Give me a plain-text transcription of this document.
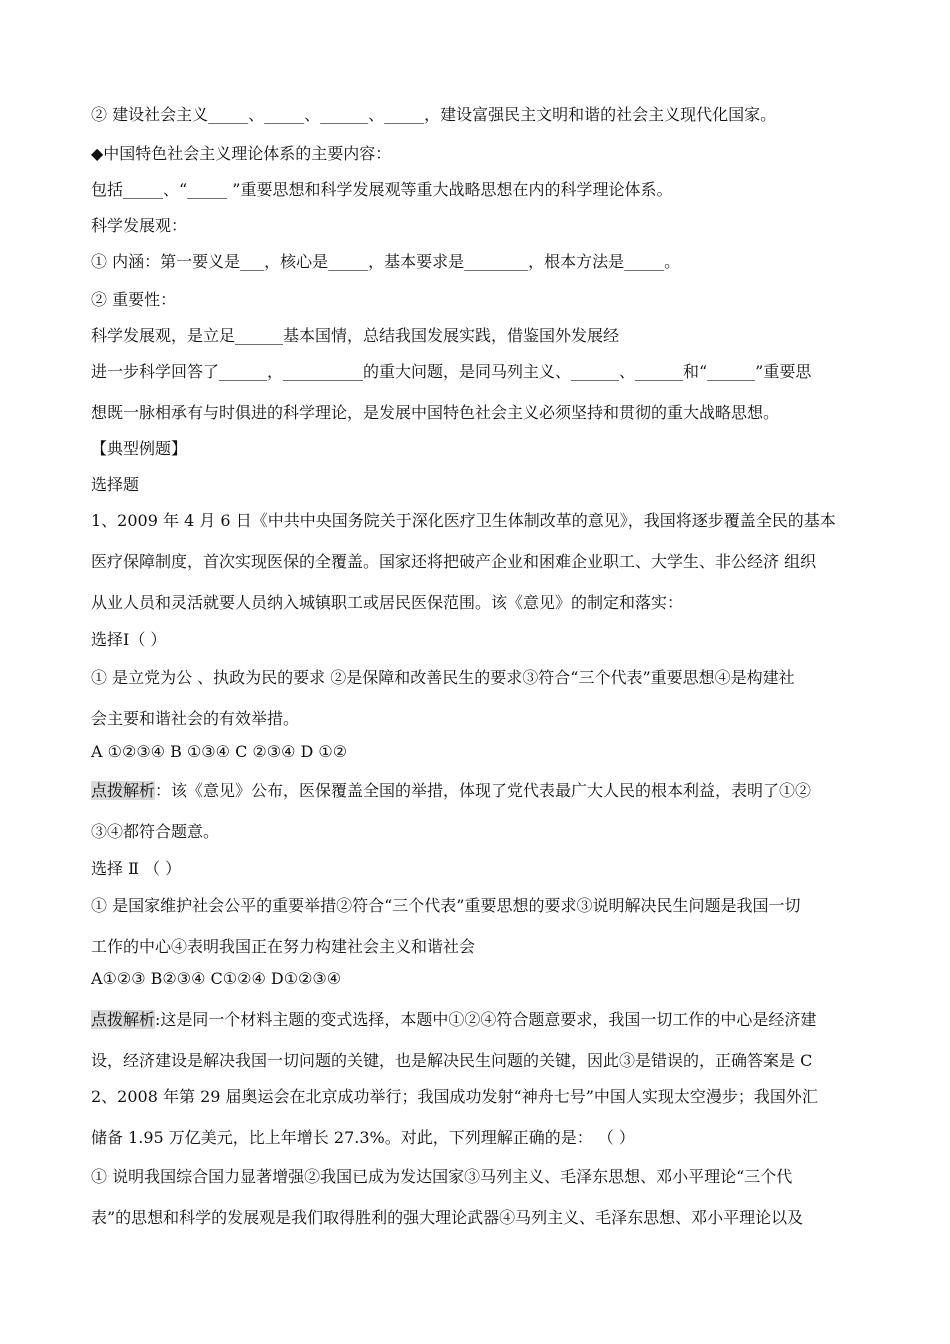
② 建设社会主义_____、_____、______、_____，建设富强民主文明和谐的社会主义现代化国家。
◆中国特色社会主义理论体系的主要内容：
包括_____、“_____ ”重要思想和科学发展观等重大战略思想在内的科学理论体系。
科学发展观：
① 内涵：第一要义是___，核心是_____，基本要求是________，根本方法是_____。
② 重要性：
科学发展观，是立足______基本国情，总结我国发展实践，借鉴国外发展经
进一步科学回答了______，__________的重大问题，是同马列主义、______、______和“______”重要思
想既一脉相承有与时俱进的科学理论，是发展中国特色社会主义必须坚持和贯彻的重大战略思想。
【典型例题】
选择题
1、2009 年 4 月 6 日《中共中央国务院关于深化医疗卫生体制改革的意见》，我国将逐步覆盖全民的基本
医疗保障制度，首次实现医保的全覆盖。国家还将把破产企业和困难企业职工、大学生、非公经济 组织
从业人员和灵活就要人员纳入城镇职工或居民医保范围。该《意见》的制定和落实：
选择Ⅰ（ ）
① 是立党为公 、执政为民的要求 ②是保障和改善民生的要求③符合“三个代表”重要思想④是构建社
会主要和谐社会的有效举措。
A ①②③④ B ①③④ C ②③④ D ①②
点拨解析：该《意见》公布，医保覆盖全国的举措，体现了党代表最广大人民的根本利益，表明了①②
③④都符合题意。
选择 Ⅱ （ ）
① 是国家维护社会公平的重要举措②符合“三个代表”重要思想的要求③说明解决民生问题是我国一切
工作的中心④表明我国正在努力构建社会主义和谐社会
A①②③ B②③④ C①②④ D①②③④
点拨解析:这是同一个材料主题的变式选择，本题中①②④符合题意要求，我国一切工作的中心是经济建
设，经济建设是解决我国一切问题的关键，也是解决民生问题的关键，因此③是错误的，正确答案是 C
2、2008 年第 29 届奥运会在北京成功举行；我国成功发射“神舟七号”中国人实现太空漫步；我国外汇
储备 1.95 万亿美元，比上年增长 27.3%。对此，下列理解正确的是： （ ）
① 说明我国综合国力显著增强②我国已成为发达国家③马列主义、毛泽东思想、邓小平理论“三个代
表”的思想和科学的发展观是我们取得胜利的强大理论武器④马列主义、毛泽东思想、邓小平理论以及
